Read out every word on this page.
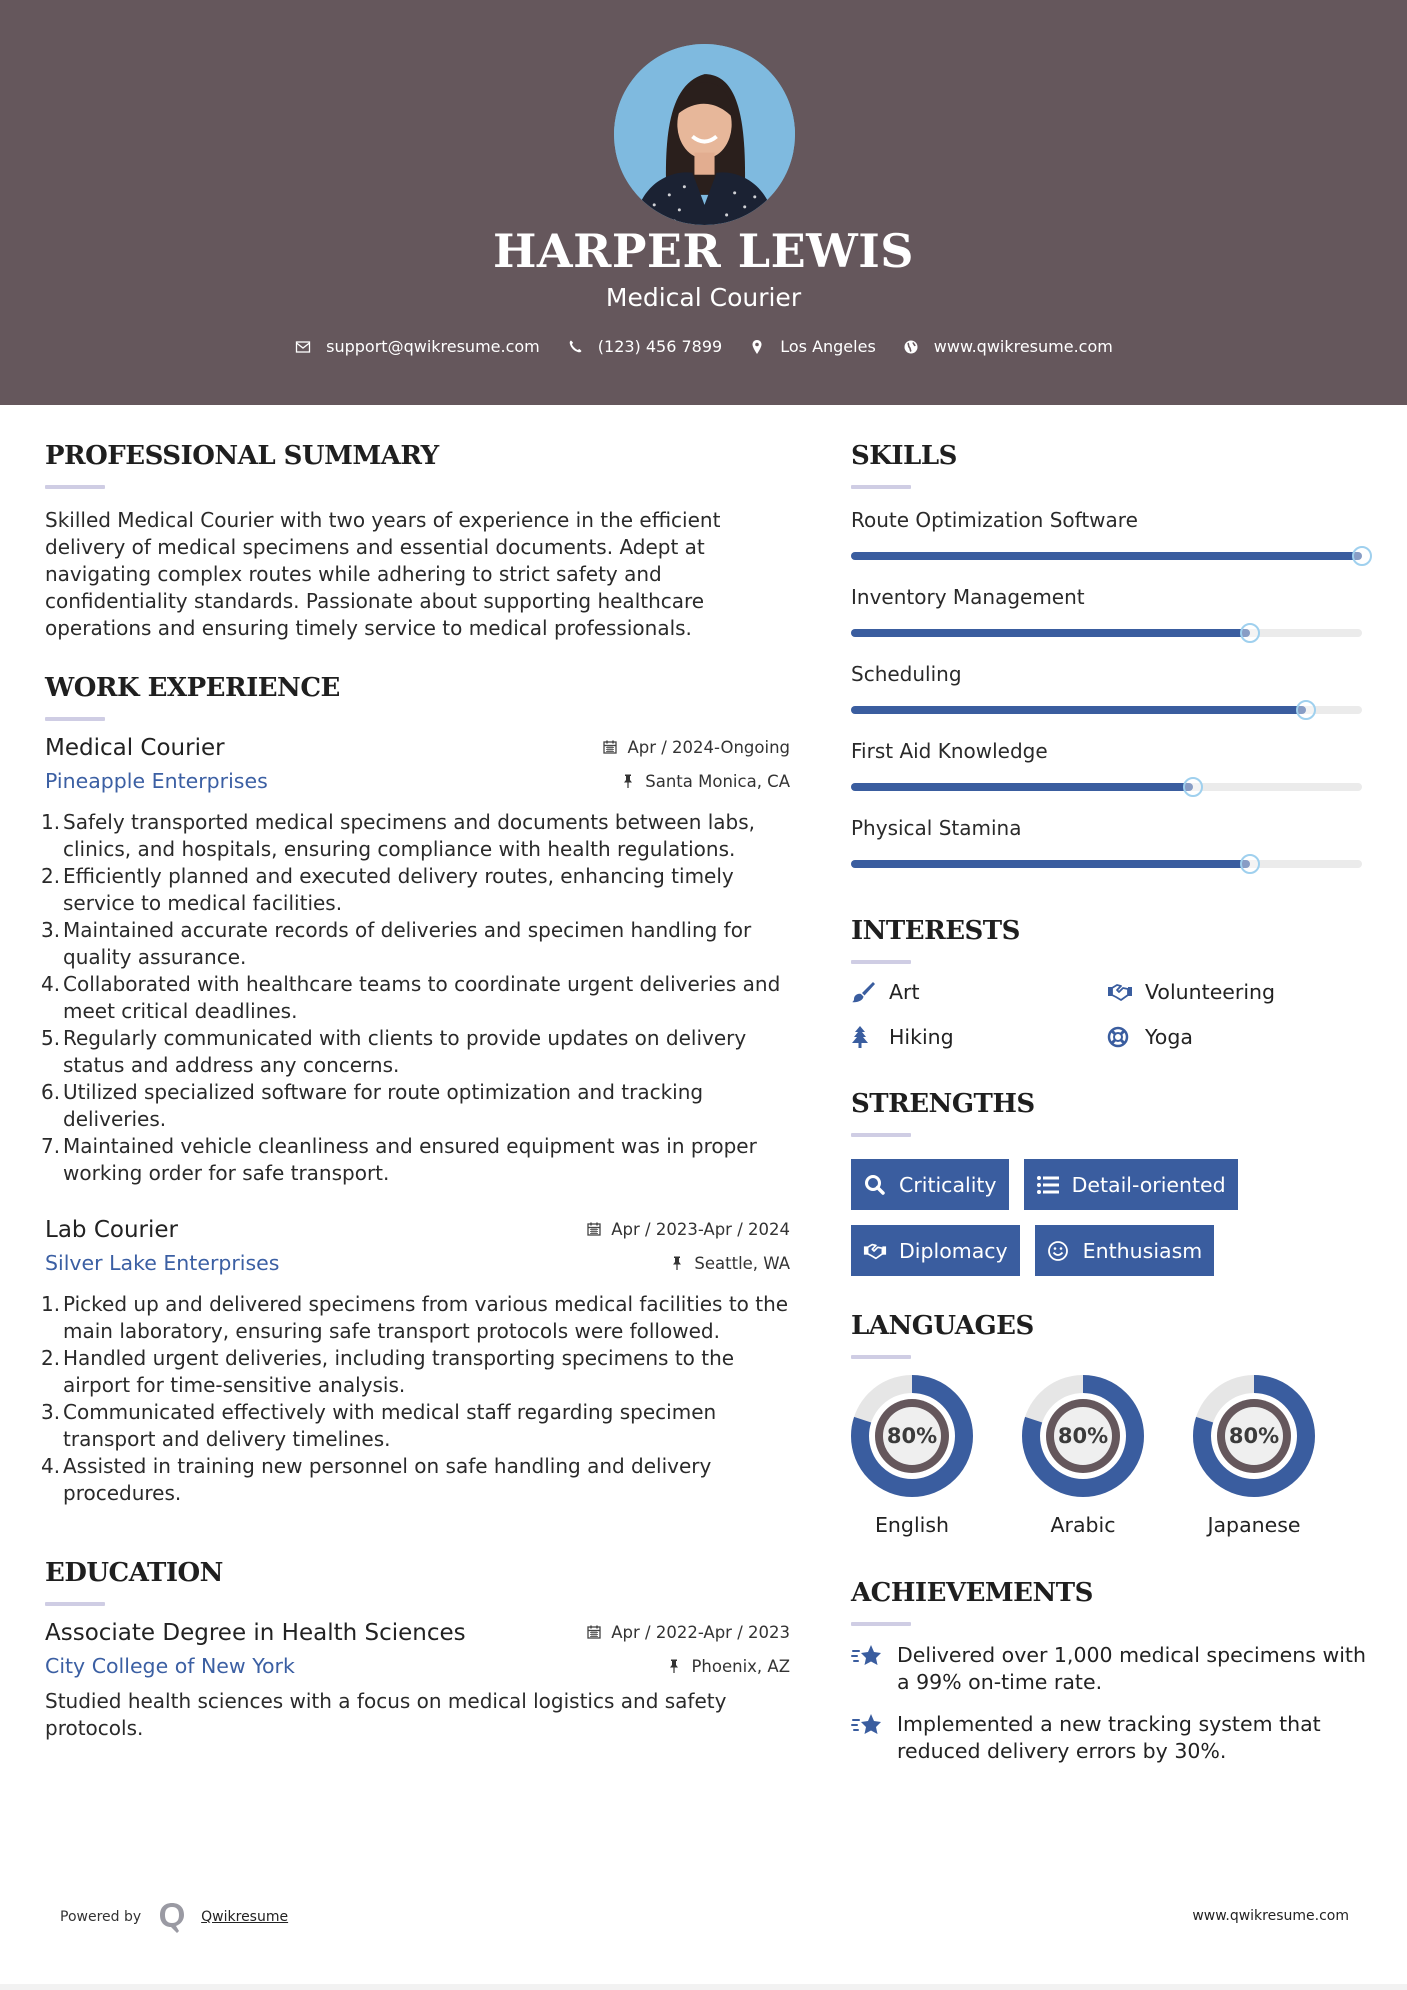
HARPER LEWIS
Medical Courier
support@qwikresume.com	(123) 456 7899	Los Angeles	www.qwikresume.com
PROFESSIONAL SUMMARY

Skilled Medical Courier with two years of experience in the efficient delivery of medical specimens and essential documents. Adept at navigating complex routes while adhering to strict safety and confidentiality standards. Passionate about supporting healthcare operations and ensuring timely service to medical professionals.

WORK EXPERIENCE
Medical Courier	Apr / 2024-Ongoing
Pineapple Enterprises	Santa Monica, CA
1. Safely transported medical specimens and documents between labs, clinics, and hospitals, ensuring compliance with health regulations.
2. Efficiently planned and executed delivery routes, enhancing timely service to medical facilities.
3. Maintained accurate records of deliveries and specimen handling for quality assurance.
4. Collaborated with healthcare teams to coordinate urgent deliveries and meet critical deadlines.
5. Regularly communicated with clients to provide updates on delivery status and address any concerns.
6. Utilized specialized software for route optimization and tracking deliveries.
7. Maintained vehicle cleanliness and ensured equipment was in proper working order for safe transport.
Lab Courier	Apr / 2023-Apr / 2024
Silver Lake Enterprises	Seattle, WA
1. Picked up and delivered specimens from various medical facilities to the main laboratory, ensuring safe transport protocols were followed.
2. Handled urgent deliveries, including transporting specimens to the airport for time-sensitive analysis.
3. Communicated effectively with medical staff regarding specimen transport and delivery timelines.
4. Assisted in training new personnel on safe handling and delivery procedures.
EDUCATION
Associate Degree in Health Sciences	Apr / 2022-Apr / 2023
City College of New York	Phoenix, AZ

Studied health sciences with a focus on medical logistics and safety protocols.

SKILLS
Route Optimization Software
Inventory Management
Scheduling
First Aid Knowledge
Physical Stamina
INTERESTS
Art	Volunteering
Hiking	Yoga
STRENGTHS
Criticality	Detail-oriented
Diplomacy	Enthusiasm
LANGUAGES
80%
English
80%
Arabic
80%
Japanese
ACHIEVEMENTS
Delivered over 1,000 medical specimens with a 99% on-time rate.
Implemented a new tracking system that reduced delivery errors by 30%.
Powered by	Qwikresume	www.qwikresume.com
